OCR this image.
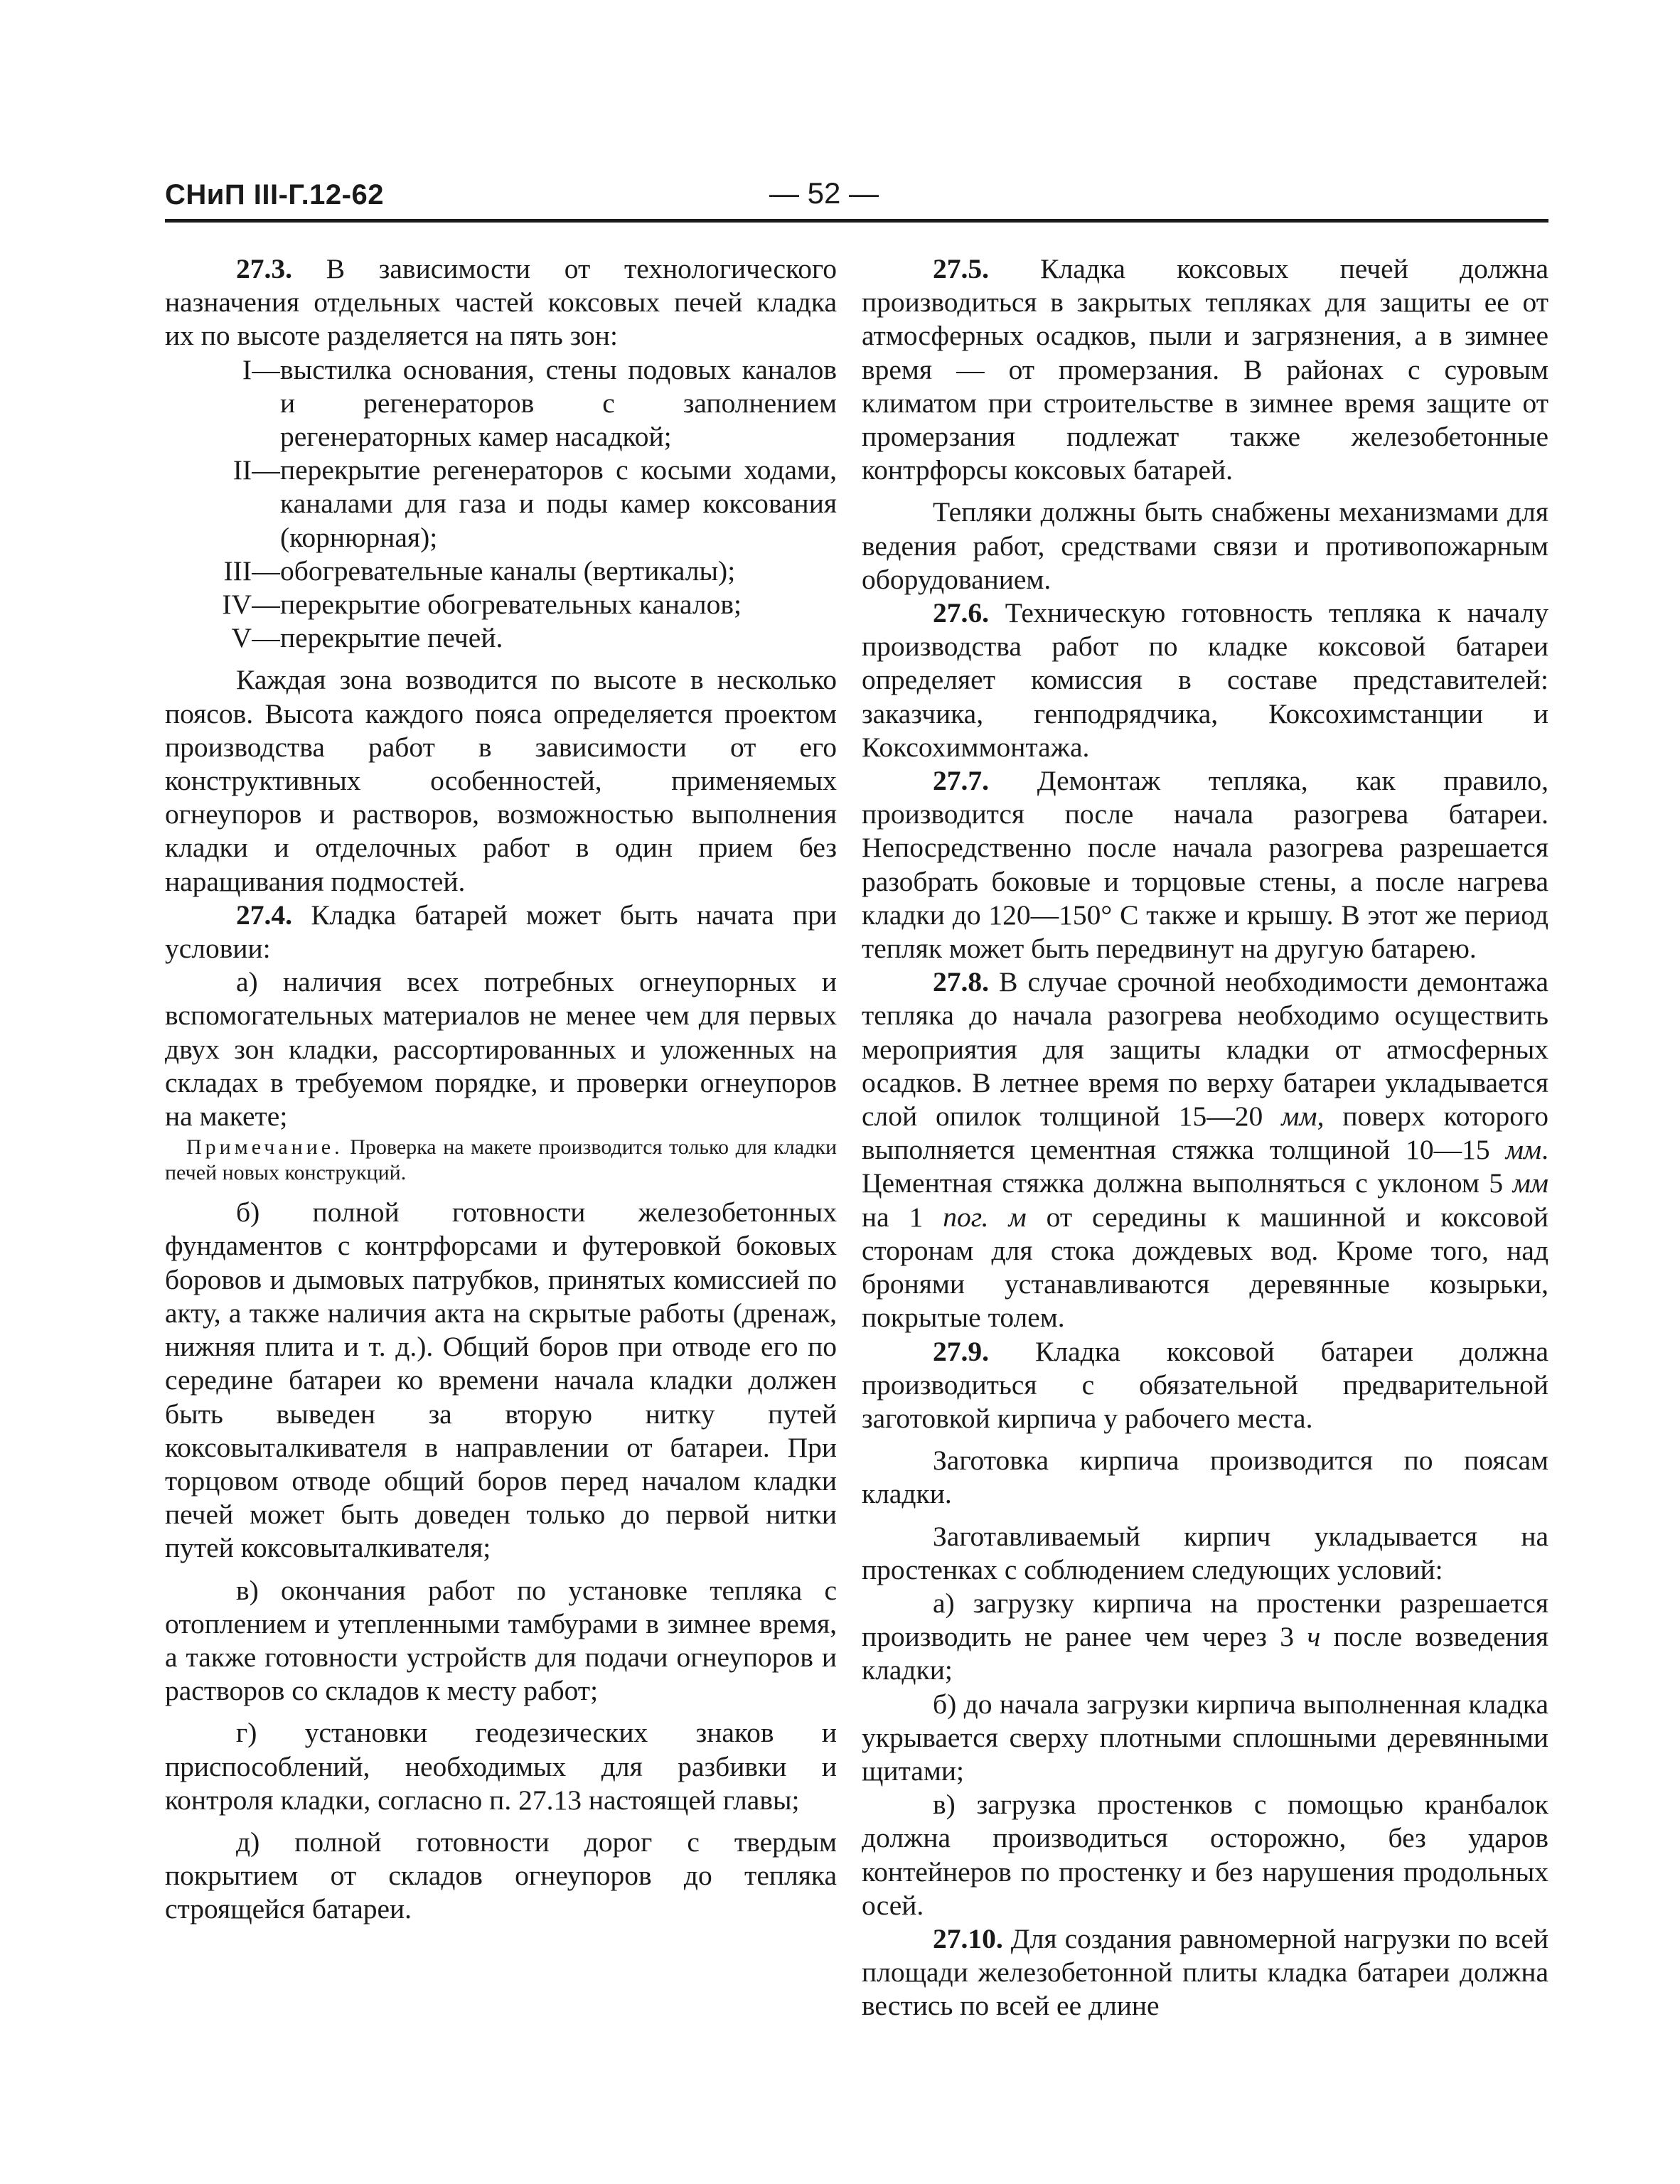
СНиП III-Г.12-62	— 52 —

27.3. В зависимости от технологического назначения отдельных частей коксовых печей кладка их по высоте разделяется на пять зон:

I — выстилка основания, стены подовых каналов и регенераторов с заполнением регенераторных камер насадкой;
II — перекрытие регенераторов с косыми ходами, каналами для газа и поды камер коксования (корнюрная);
III — обогревательные каналы (вертикалы);
IV — перекрытие обогревательных каналов;
V — перекрытие печей.

Каждая зона возводится по высоте в несколько поясов. Высота каждого пояса определяется проектом производства работ в зависимости от его конструктивных особенностей, применяемых огнеупоров и растворов, возможностью выполнения кладки и отделочных работ в один прием без наращивания подмостей.

27.4. Кладка батарей может быть начата при условии:

а) наличия всех потребных огнеупорных и вспомогательных материалов не менее чем для первых двух зон кладки, рассортированных и уложенных на складах в требуемом порядке, и проверки огнеупоров на макете;

Примечание. Проверка на макете производится только для кладки печей новых конструкций.

б) полной готовности железобетонных фундаментов с контрфорсами и футеровкой боковых боровов и дымовых патрубков, принятых комиссией по акту, а также наличия акта на скрытые работы (дренаж, нижняя плита и т. д.). Общий боров при отводе его по середине батареи ко времени начала кладки должен быть выведен за вторую нитку путей коксовыталкивателя в направлении от батареи. При торцовом отводе общий боров перед началом кладки печей может быть доведен только до первой нитки путей коксовыталкивателя;

в) окончания работ по установке тепляка с отоплением и утепленными тамбурами в зимнее время, а также готовности устройств для подачи огнеупоров и растворов со складов к месту работ;

г) установки геодезических знаков и приспособлений, необходимых для разбивки и контроля кладки, согласно п. 27.13 настоящей главы;

д) полной готовности дорог с твердым покрытием от складов огнеупоров до тепляка строящейся батареи.

27.5. Кладка коксовых печей должна производиться в закрытых тепляках для защиты ее от атмосферных осадков, пыли и загрязнения, а в зимнее время — от промерзания. В районах с суровым климатом при строительстве в зимнее время защите от промерзания подлежат также железобетонные контрфорсы коксовых батарей.

Тепляки должны быть снабжены механизмами для ведения работ, средствами связи и противопожарным оборудованием.

27.6. Техническую готовность тепляка к началу производства работ по кладке коксовой батареи определяет комиссия в составе представителей: заказчика, генподрядчика, Коксохимстанции и Коксохиммонтажа.

27.7. Демонтаж тепляка, как правило, производится после начала разогрева батареи. Непосредственно после начала разогрева разрешается разобрать боковые и торцовые стены, а после нагрева кладки до 120—150° С также и крышу. В этот же период тепляк может быть передвинут на другую батарею.

27.8. В случае срочной необходимости демонтажа тепляка до начала разогрева необходимо осуществить мероприятия для защиты кладки от атмосферных осадков. В летнее время по верху батареи укладывается слой опилок толщиной 15—20 мм, поверх которого выполняется цементная стяжка толщиной 10—15 мм. Цементная стяжка должна выполняться с уклоном 5 мм на 1 пог. м от середины к машинной и коксовой сторонам для стока дождевых вод. Кроме того, над бронями устанавливаются деревянные козырьки, покрытые толем.

27.9. Кладка коксовой батареи должна производиться с обязательной предварительной заготовкой кирпича у рабочего места.

Заготовка кирпича производится по поясам кладки.

Заготавливаемый кирпич укладывается на простенках с соблюдением следующих условий:

а) загрузку кирпича на простенки разрешается производить не ранее чем через 3 ч после возведения кладки;

б) до начала загрузки кирпича выполненная кладка укрывается сверху плотными сплошными деревянными щитами;

в) загрузка простенков с помощью кранбалок должна производиться осторожно, без ударов контейнеров по простенку и без нарушения продольных осей.

27.10. Для создания равномерной нагрузки по всей площади железобетонной плиты кладка батареи должна вестись по всей ее длине
